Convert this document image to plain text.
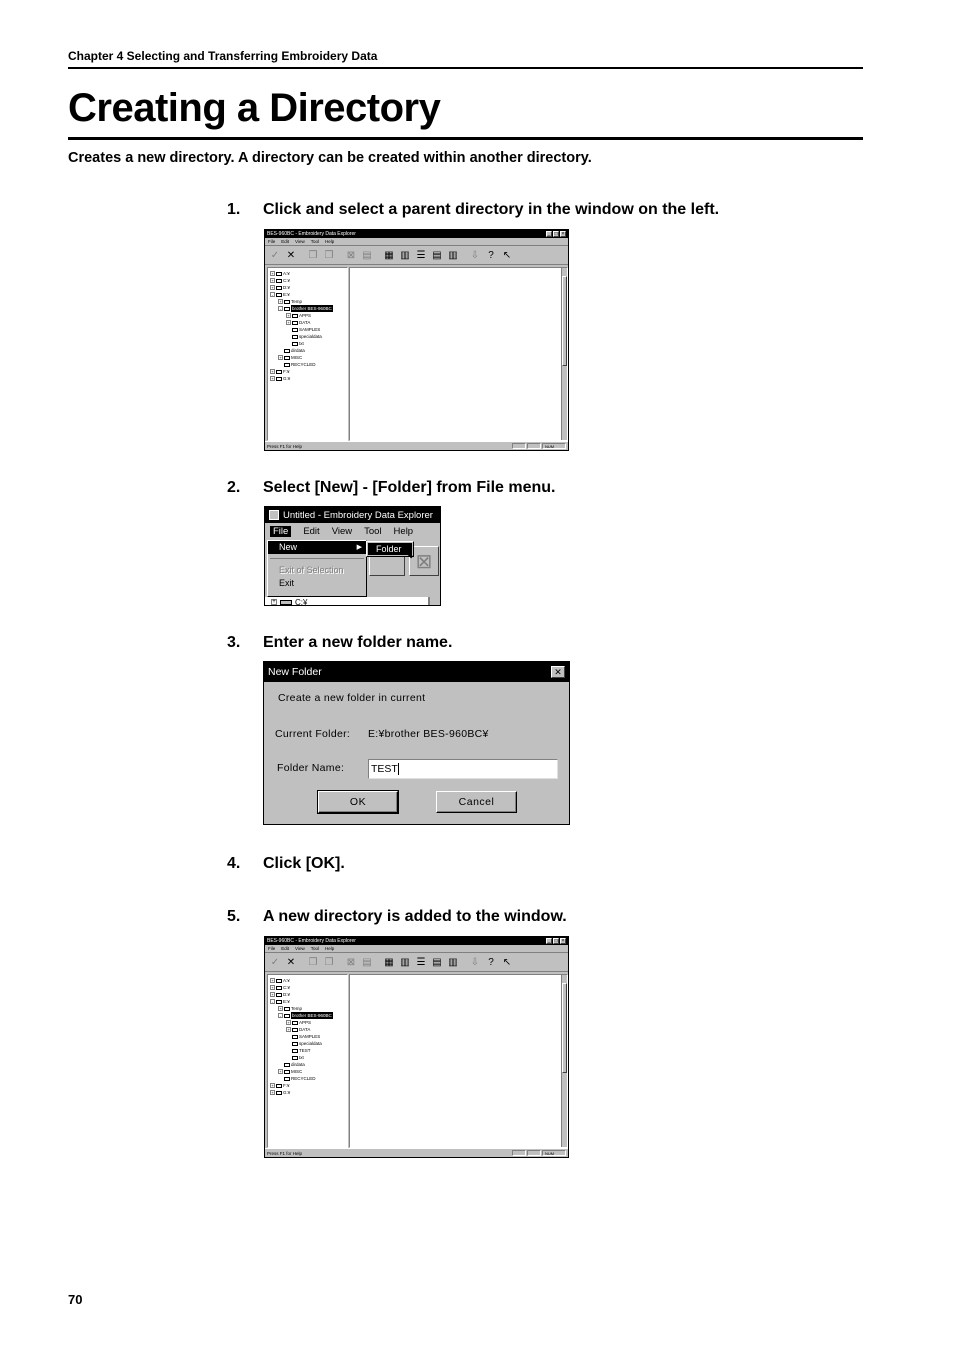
Chapter 4 Selecting and Transferring Embroidery Data
Creating a Directory

Creates a new directory. A directory can be created within another directory.

1. Click and select a parent directory in the window on the left.
2. Select [New] - [Folder] from File menu.
3. Enter a new folder name.
4. Click [OK].
5. A new directory is added to the window.
BES-960BC - Embroidery Data Explorer	_ □ ×
File Edit View Tool Help
✓ ✕ ❐ ❐ ⊠ ▤ ▦ ▥ ☰ ▤ ▥ ⇩ ? ↖
+ A:¥
+ C:¥
+ D:¥
-	E:¥
+ Temp
-	brother BES-960BC
+ APPS
+ DATA
SAMPLES
specialdata
txt
dirdata
+ MISC
RECYCLED
+ F:¥
+ G:¥
Press F1 for Help	NUM
Untitled - Embroidery Data Explorer
File	Edit View Tool Help
⊠
New	▶
Exit of Selection
Exit
Folder ⬉
+ C:¥
New Folder	✕
Create a new folder in current
Current Folder: E:¥brother BES-960BC¥
Folder Name:	TEST
OK	Cancel
BES-960BC - Embroidery Data Explorer	_ □ ×
File Edit View Tool Help
✓ ✕ ❐ ❐ ⊠ ▤ ▦ ▥ ☰ ▤ ▥ ⇩ ? ↖
+ A:¥
+ C:¥
+ D:¥
-	E:¥
+ Temp
-	brother BES-960BC
+ APPS
+ DATA
SAMPLES
specialdata
TEST
txt
dirdata
+ MISC
RECYCLED
+ F:¥
+ G:¥
Press F1 for Help	NUM
70
